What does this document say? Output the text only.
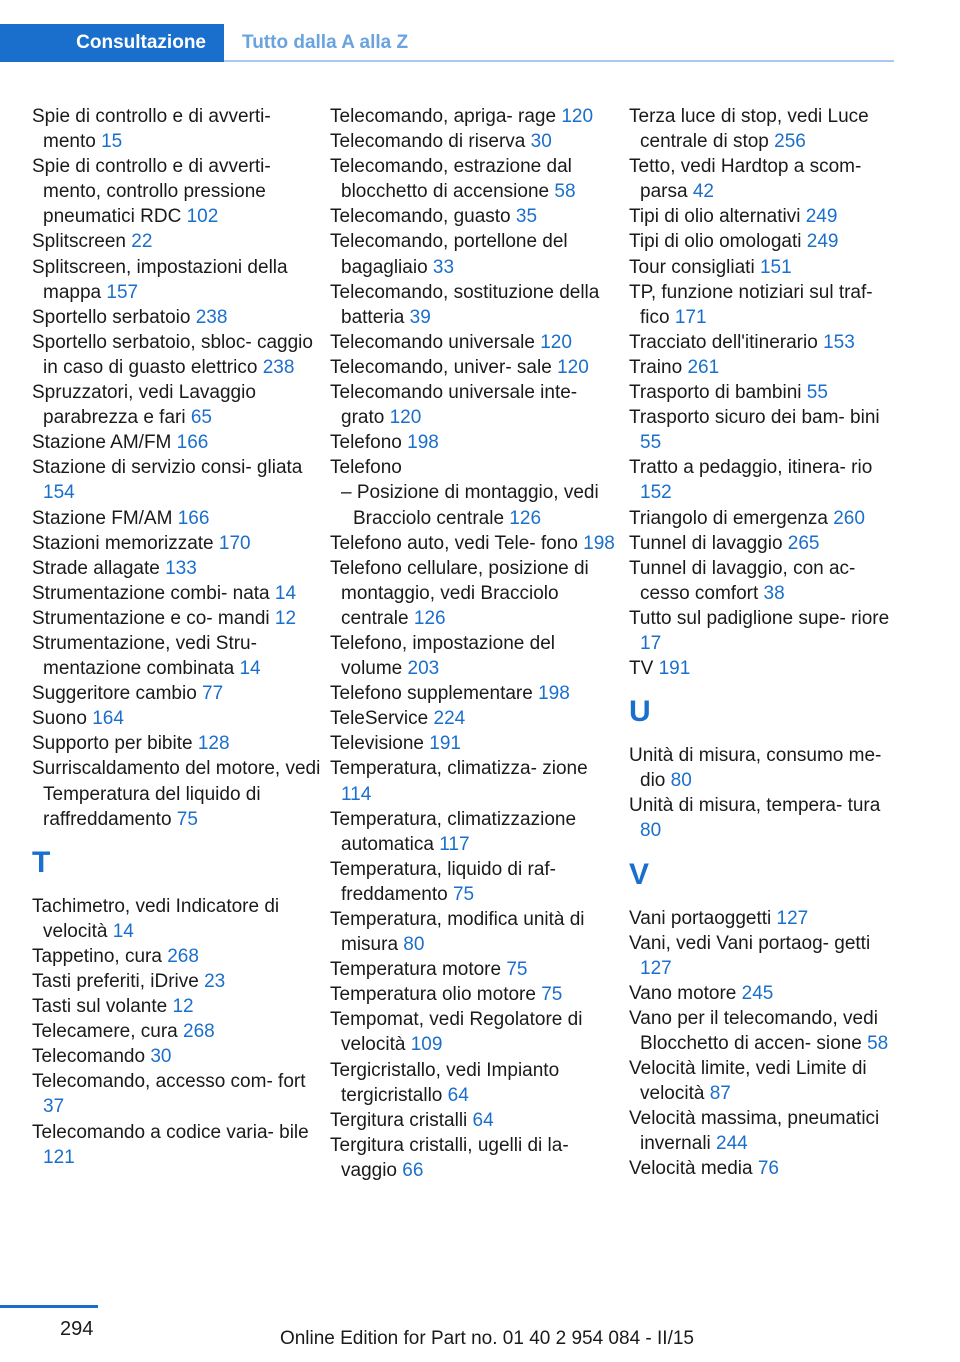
Consultazione Tutto dalla A alla Z
Spie di controllo e di avverti‐ mento 15
Spie di controllo e di avverti‐ mento, controllo pressione pneumatici RDC 102
Splitscreen 22
Splitscreen, impostazioni della mappa 157
Sportello serbatoio 238
Sportello serbatoio, sbloc‐ caggio in caso di guasto elettrico 238
Spruzzatori, vedi Lavaggio parabrezza e fari 65
Stazione AM/FM 166
Stazione di servizio consi‐ gliata 154
Stazione FM/AM 166
Stazioni memorizzate 170
Strade allagate 133
Strumentazione combi‐ nata 14
Strumentazione e co‐ mandi 12
Strumentazione, vedi Stru‐ mentazione combinata 14
Suggeritore cambio 77
Suono 164
Supporto per bibite 128
Surriscaldamento del motore, vedi Temperatura del liquido di raffreddamento 75
T
Tachimetro, vedi Indicatore di velocità 14
Tappetino, cura 268
Tasti preferiti, iDrive 23
Tasti sul volante 12
Telecamere, cura 268
Telecomando 30
Telecomando, accesso com‐ fort 37
Telecomando a codice varia‐ bile 121
Telecomando, apriga‐ rage 120
Telecomando di riserva 30
Telecomando, estrazione dal blocchetto di accensione 58
Telecomando, guasto 35
Telecomando, portellone del bagagliaio 33
Telecomando, sostituzione della batteria 39
Telecomando universale 120
Telecomando, univer‐ sale 120
Telecomando universale inte‐ grato 120
Telefono 198
Telefono
– Posizione di montaggio, vedi Bracciolo centrale 126
Telefono auto, vedi Tele‐ fono 198
Telefono cellulare, posizione di montaggio, vedi Bracciolo centrale 126
Telefono, impostazione del volume 203
Telefono supplementare 198
TeleService 224
Televisione 191
Temperatura, climatizza‐ zione 114
Temperatura, climatizzazione automatica 117
Temperatura, liquido di raf‐ freddamento 75
Temperatura, modifica unità di misura 80
Temperatura motore 75
Temperatura olio motore 75
Tempomat, vedi Regolatore di velocità 109
Tergicristallo, vedi Impianto tergicristallo 64
Tergitura cristalli 64
Tergitura cristalli, ugelli di la‐ vaggio 66
Terza luce di stop, vedi Luce centrale di stop 256
Tetto, vedi Hardtop a scom‐ parsa 42
Tipi di olio alternativi 249
Tipi di olio omologati 249
Tour consigliati 151
TP, funzione notiziari sul traf‐ fico 171
Tracciato dell'itinerario 153
Traino 261
Trasporto di bambini 55
Trasporto sicuro dei bam‐ bini 55
Tratto a pedaggio, itinera‐ rio 152
Triangolo di emergenza 260
Tunnel di lavaggio 265
Tunnel di lavaggio, con ac‐ cesso comfort 38
Tutto sul padiglione supe‐ riore 17
TV 191
U
Unità di misura, consumo me‐ dio 80
Unità di misura, tempera‐ tura 80
V
Vani portaoggetti 127
Vani, vedi Vani portaog‐ getti 127
Vano motore 245
Vano per il telecomando, vedi Blocchetto di accen‐ sione 58
Velocità limite, vedi Limite di velocità 87
Velocità massima, pneumatici invernali 244
Velocità media 76
294	Online Edition for Part no. 01 40 2 954 084 - II/15
